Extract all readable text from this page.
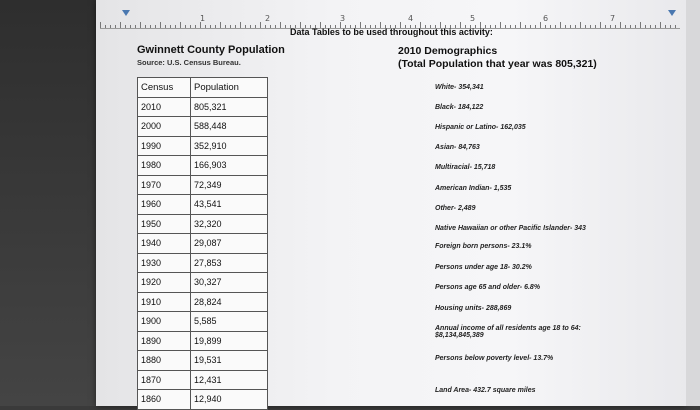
1	2	3	4	5	6	7
Data Tables to be used throughout this activity:
Gwinnett County Population
Source: U.S. Census Bureau.
Census	Population
2010	805,321
2000	588,448
1990	352,910
1980	166,903
1970	72,349
1960	43,541
1950	32,320
1940	29,087
1930	27,853
1920	30,327
1910	28,824
1900	5,585
1890	19,899
1880	19,531
1870	12,431
1860	12,940
2010 Demographics
(Total Population that year was 805,321)
White- 354,341
Black- 184,122
Hispanic or Latino- 162,035
Asian- 84,763
Multiracial- 15,718
American Indian- 1,535
Other- 2,489
Native Hawaiian or other Pacific Islander- 343
Foreign born persons- 23.1%
Persons under age 18- 30.2%
Persons age 65 and older- 6.8%
Housing units- 288,869
Annual income of all residents age 18 to 64:
$8,134,845,389
Persons below poverty level- 13.7%
Land Area- 432.7 square miles
